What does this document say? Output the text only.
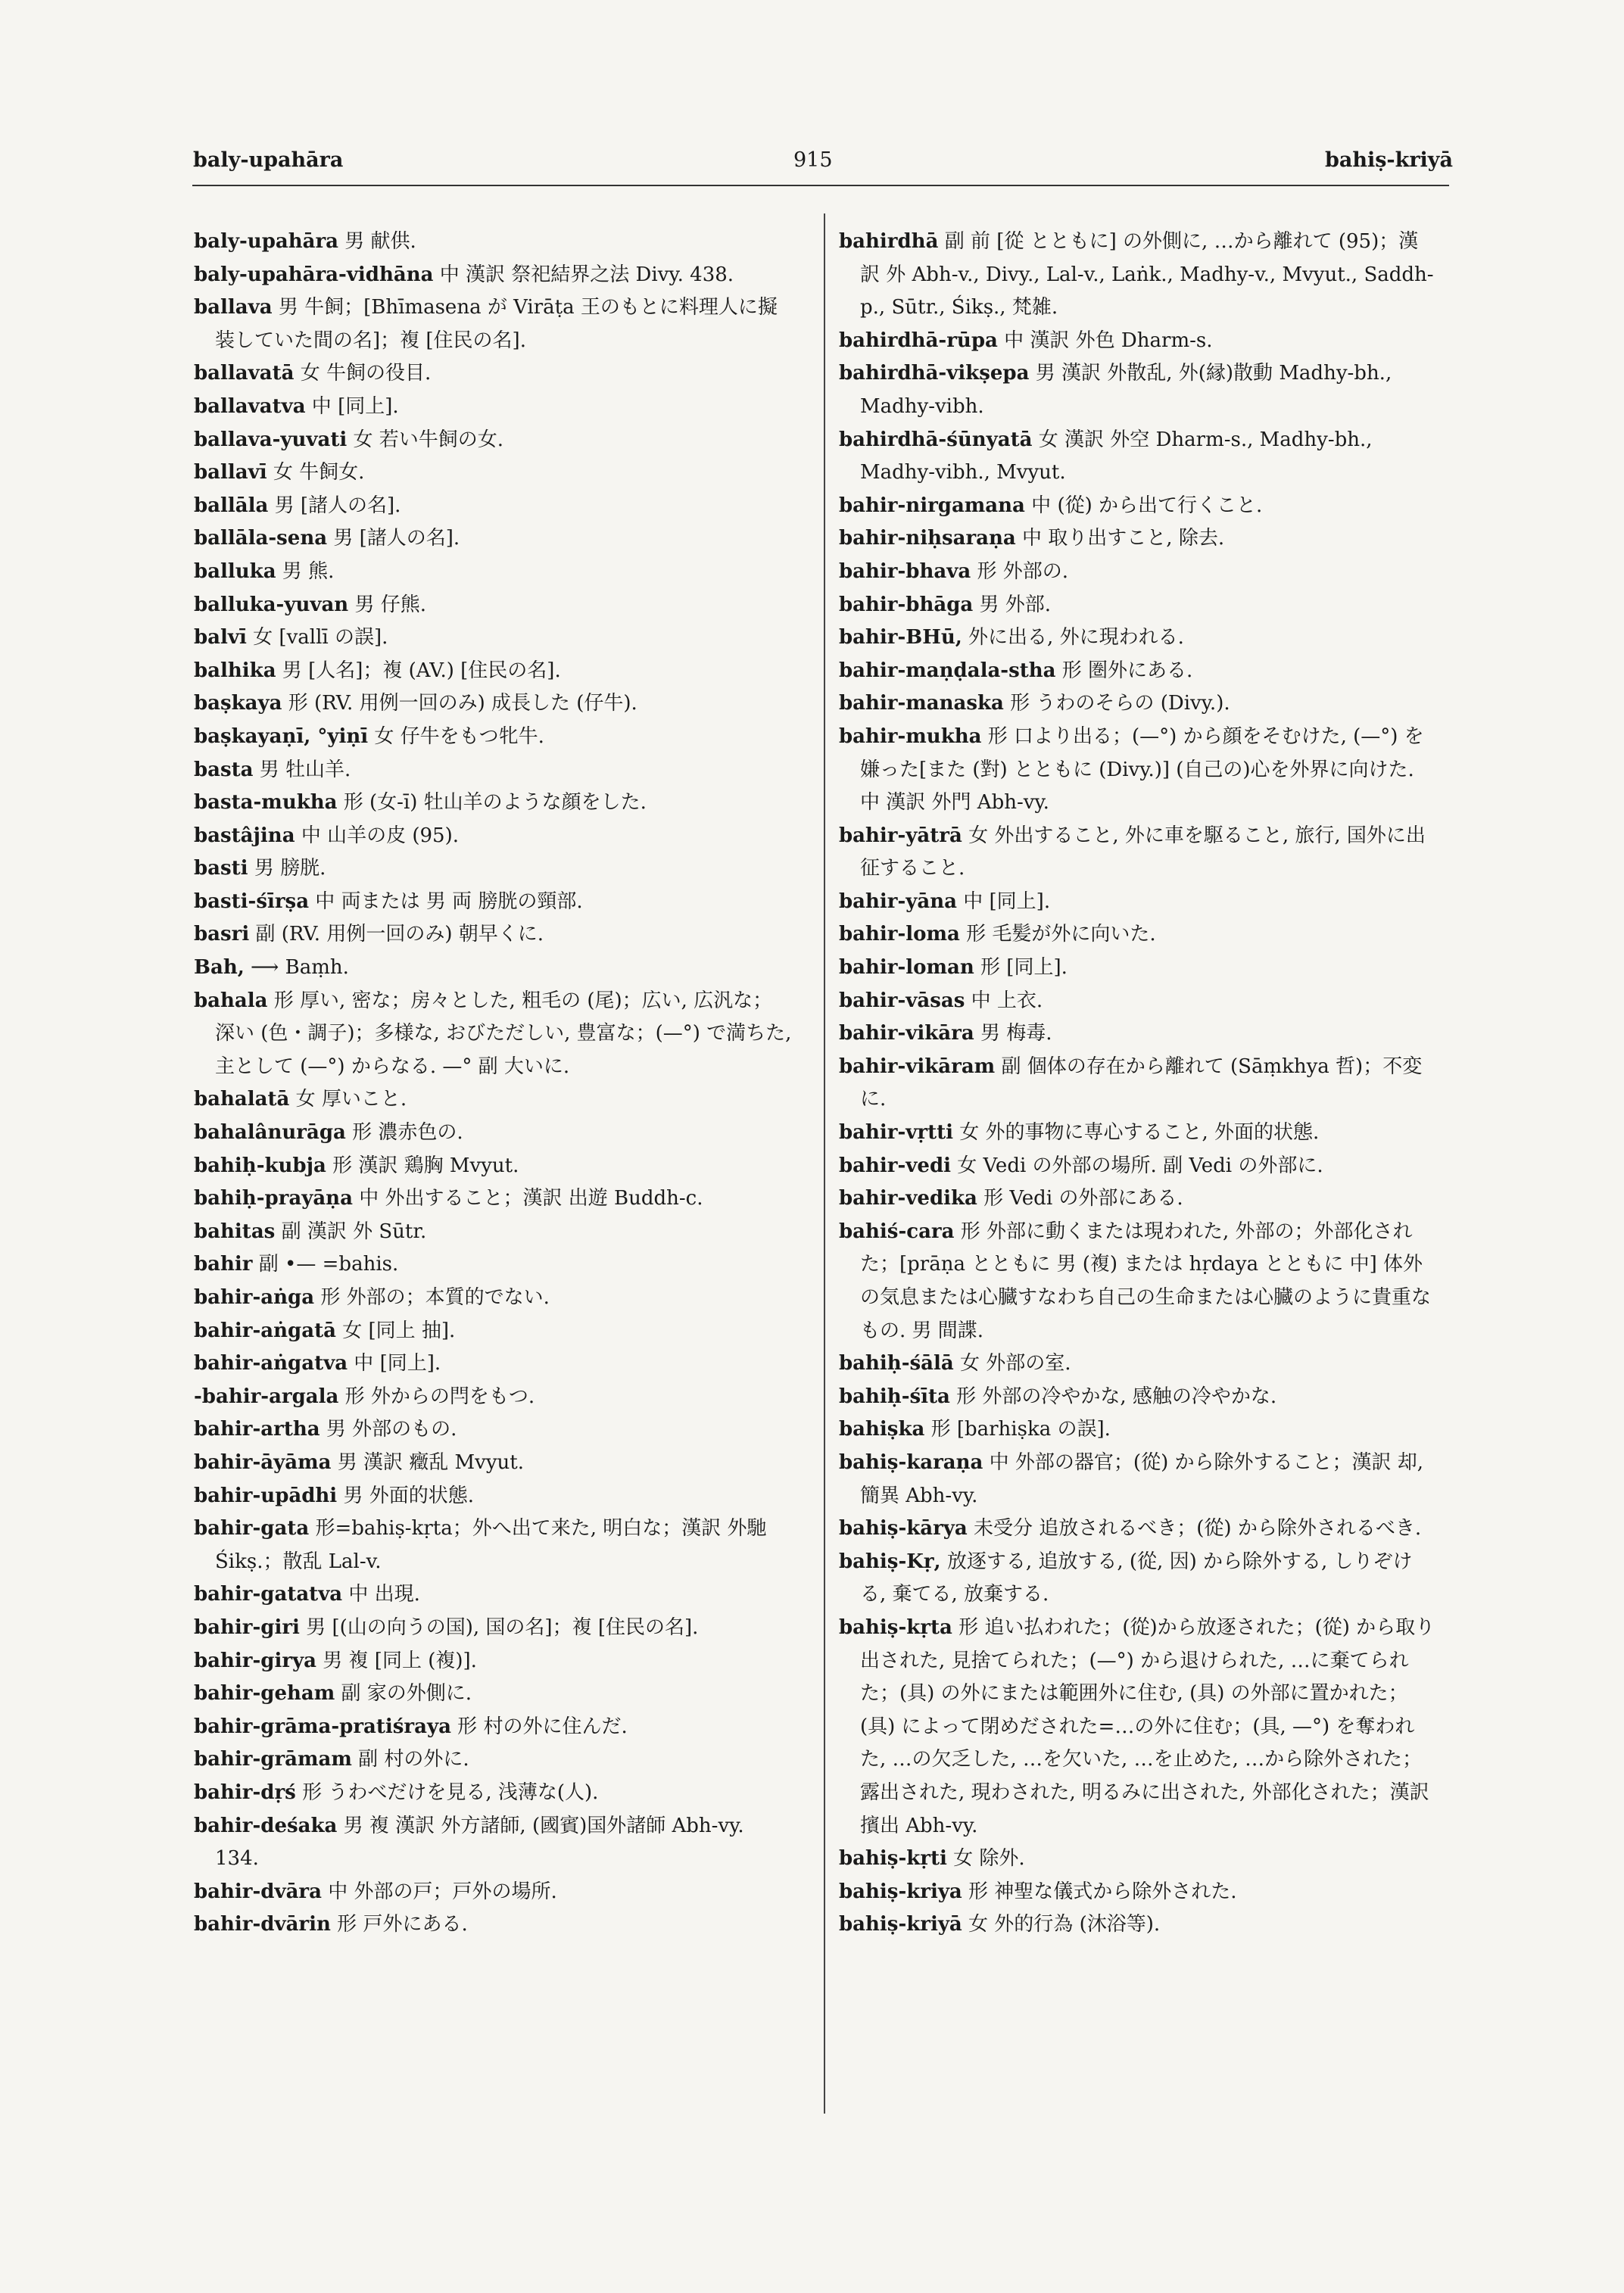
baly-upahāra	915	bahiṣ-kriyā
baly-upahāra 男 献供.
baly-upahāra-vidhāna 中 漢訳 祭祀結界之法 Divy. 438.
ballava 男 牛飼；[Bhīmasena が Virāṭa 王のもとに料理人に擬装していた間の名]；複 [住民の名].
ballavatā 女 牛飼の役目.
ballavatva 中 [同上].
ballava-yuvati 女 若い牛飼の女.
ballavī 女 牛飼女.
ballāla 男 [諸人の名].
ballāla-sena 男 [諸人の名].
balluka 男 熊.
balluka-yuvan 男 仔熊.
balvī 女 [vallī の誤].
balhika 男 [人名]；複 (AV.) [住民の名].
baṣkaya 形 (RV. 用例一回のみ) 成長した (仔牛).
baṣkayaṇī, °yiṇī 女 仔牛をもつ牝牛.
basta 男 牡山羊.
basta-mukha 形 (女-ī) 牡山羊のような顔をした.
bastâjina 中 山羊の皮 (95).
basti 男 膀胱.
basti-śīrṣa 中 両または 男 両 膀胱の頸部.
basri 副 (RV. 用例一回のみ) 朝早くに.
Bah, ⟶ Baṃh.
bahala 形 厚い, 密な；房々とした, 粗毛の (尾)；広い, 広汎な；深い (色・調子)；多様な, おびただしい, 豊富な；(—°) で満ちた, 主として (—°) からなる. —° 副 大いに.
bahalatā 女 厚いこと.
bahalânurāga 形 濃赤色の.
bahiḥ-kubja 形 漢訳 鶏胸 Mvyut.
bahiḥ-prayāṇa 中 外出すること；漢訳 出遊 Buddh-c.
bahitas 副 漢訳 外 Sūtr.
bahir 副 •— =bahis.
bahir-aṅga 形 外部の；本質的でない.
bahir-aṅgatā 女 [同上 抽].
bahir-aṅgatva 中 [同上].
-bahir-argala 形 外からの閂をもつ.
bahir-artha 男 外部のもの.
bahir-āyāma 男 漢訳 癥乱 Mvyut.
bahir-upādhi 男 外面的状態.
bahir-gata 形=bahiṣ-kṛta；外へ出て来た, 明白な；漢訳 外馳 Śikṣ.；散乱 Lal-v.
bahir-gatatva 中 出現.
bahir-giri 男 [(山の向うの国), 国の名]；複 [住民の名].
bahir-girya 男 複 [同上 (複)].
bahir-geham 副 家の外側に.
bahir-grāma-pratiśraya 形 村の外に住んだ.
bahir-grāmam 副 村の外に.
bahir-dṛś 形 うわべだけを見る, 浅薄な(人).
bahir-deśaka 男 複 漢訳 外方諸師, (國賓)国外諸師 Abh-vy. 134.
bahir-dvāra 中 外部の戸；戸外の場所.
bahir-dvārin 形 戸外にある.
bahirdhā 副 前 [從 とともに] の外側に, …から離れて (95)；漢訳 外 Abh-v., Divy., Lal-v., Laṅk., Madhy-v., Mvyut., Saddh-p., Sūtr., Śikṣ., 梵雑.
bahirdhā-rūpa 中 漢訳 外色 Dharm-s.
bahirdhā-vikṣepa 男 漢訳 外散乱, 外(縁)散動 Madhy-bh., Madhy-vibh.
bahirdhā-śūnyatā 女 漢訳 外空 Dharm-s., Madhy-bh., Madhy-vibh., Mvyut.
bahir-nirgamana 中 (從) から出て行くこと.
bahir-niḥsaraṇa 中 取り出すこと, 除去.
bahir-bhava 形 外部の.
bahir-bhāga 男 外部.
bahir-BHū, 外に出る, 外に現われる.
bahir-maṇḍala-stha 形 圏外にある.
bahir-manaska 形 うわのそらの (Divy.).
bahir-mukha 形 口より出る；(—°) から顔をそむけた, (—°) を嫌った[また (對) とともに (Divy.)] (自己の)心を外界に向けた. 中 漢訳 外門 Abh-vy.
bahir-yātrā 女 外出すること, 外に車を駆ること, 旅行, 国外に出征すること.
bahir-yāna 中 [同上].
bahir-loma 形 毛髪が外に向いた.
bahir-loman 形 [同上].
bahir-vāsas 中 上衣.
bahir-vikāra 男 梅毒.
bahir-vikāram 副 個体の存在から離れて (Sāṃkhya 哲)；不変に.
bahir-vṛtti 女 外的事物に専心すること, 外面的状態.
bahir-vedi 女 Vedi の外部の場所. 副 Vedi の外部に.
bahir-vedika 形 Vedi の外部にある.
bahiś-cara 形 外部に動くまたは現われた, 外部の；外部化された；[prāṇa とともに 男 (複) または hṛdaya とともに 中] 体外の気息または心臓すなわち自己の生命または心臓のように貴重なもの. 男 間諜.
bahiḥ-śālā 女 外部の室.
bahiḥ-śīta 形 外部の冷やかな, 感触の冷やかな.
bahiṣka 形 [barhiṣka の誤].
bahiṣ-karaṇa 中 外部の器官；(從) から除外すること；漢訳 却, 簡異 Abh-vy.
bahiṣ-kārya 未受分 追放されるべき；(從) から除外されるべき.
bahiṣ-Kṛ, 放逐する, 追放する, (從, 因) から除外する, しりぞける, 棄てる, 放棄する.
bahiṣ-kṛta 形 追い払われた；(從)から放逐された；(從) から取り出された, 見捨てられた；(—°) から退けられた, …に棄てられた；(具) の外にまたは範囲外に住む, (具) の外部に置かれた；(具) によって閉めだされた=…の外に住む；(具, —°) を奪われた, …の欠乏した, …を欠いた, …を止めた, …から除外された；露出された, 現わされた, 明るみに出された, 外部化された；漢訳 擯出 Abh-vy.
bahiṣ-kṛti 女 除外.
bahiṣ-kriya 形 神聖な儀式から除外された.
bahiṣ-kriyā 女 外的行為 (沐浴等).
